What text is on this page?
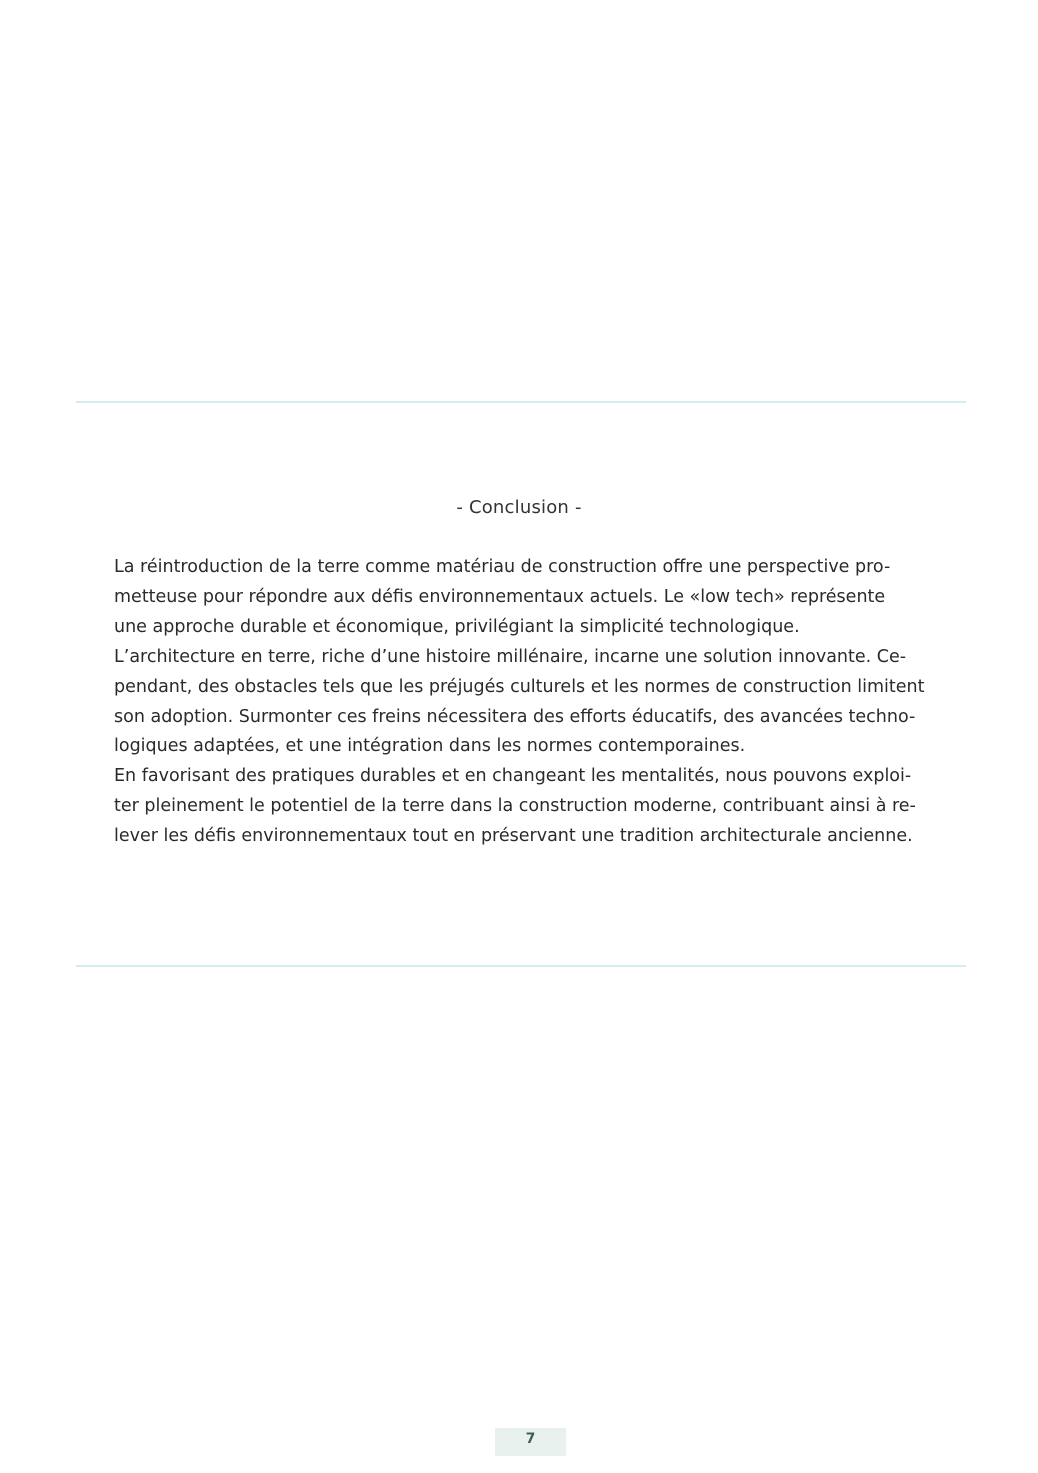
- Conclusion -
La réintroduction de la terre comme matériau de construction offre une perspective pro-
metteuse pour répondre aux défis environnementaux actuels. Le «low tech» représente
une approche durable et économique, privilégiant la simplicité technologique.
L’architecture en terre, riche d’une histoire millénaire, incarne une solution innovante. Ce-
pendant, des obstacles tels que les préjugés culturels et les normes de construction limitent
son adoption. Surmonter ces freins nécessitera des efforts éducatifs, des avancées techno-
logiques adaptées, et une intégration dans les normes contemporaines.
En favorisant des pratiques durables et en changeant les mentalités, nous pouvons exploi-
ter pleinement le potentiel de la terre dans la construction moderne, contribuant ainsi à re-
lever les défis environnementaux tout en préservant une tradition architecturale ancienne.
7
